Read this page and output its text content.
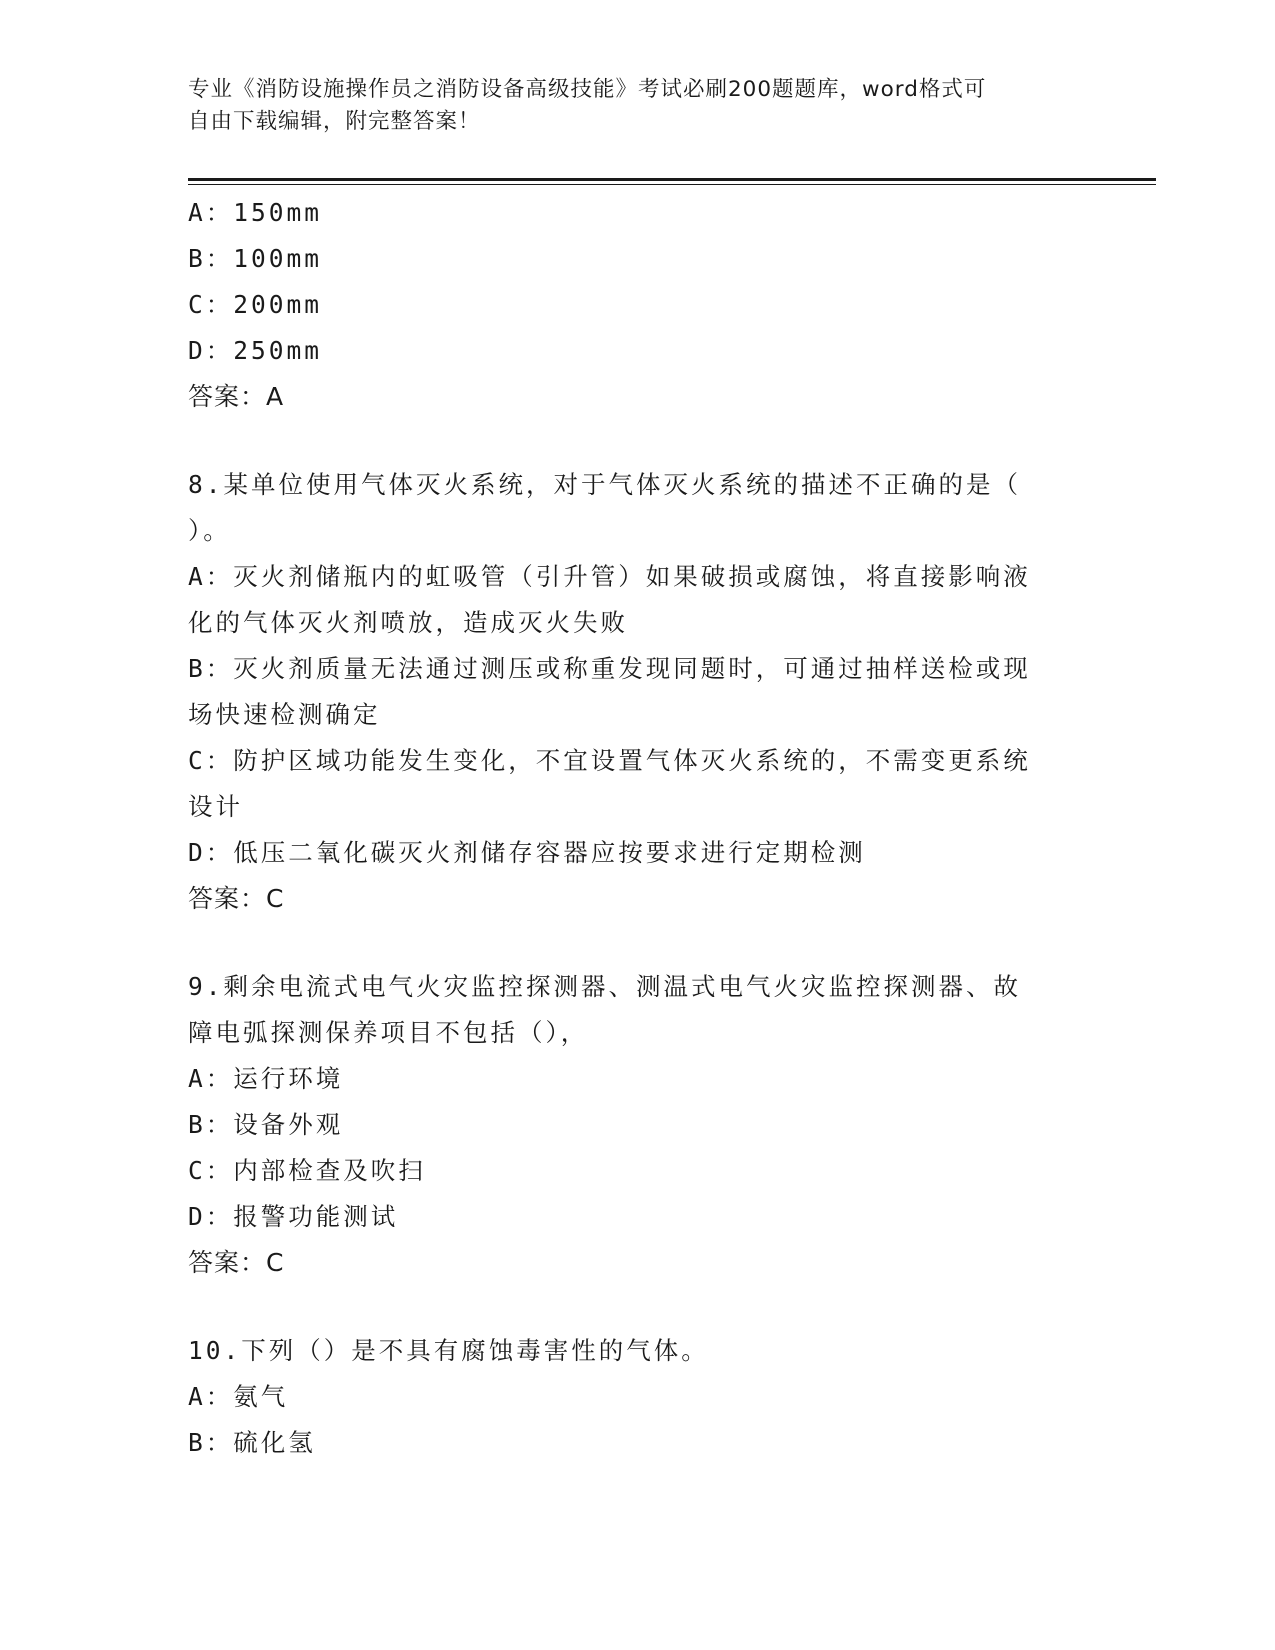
专业《消防设施操作员之消防设备高级技能》考试必刷200题题库，word格式可
自由下载编辑，附完整答案！
A：150mm
B：100mm
C：200mm
D：250mm
答案：A
8.某单位使用气体灭火系统，对于气体灭火系统的描述不正确的是（
）。
A：灭火剂储瓶内的虹吸管（引升管）如果破损或腐蚀，将直接影响液
化的气体灭火剂喷放，造成灭火失败
B：灭火剂质量无法通过测压或称重发现同题时，可通过抽样送检或现
场快速检测确定
C：防护区域功能发生变化，不宜设置气体灭火系统的，不需变更系统
设计
D：低压二氧化碳灭火剂储存容器应按要求进行定期检测
答案：C
9.剩余电流式电气火灾监控探测器、测温式电气火灾监控探测器、故
障电弧探测保养项目不包括（），
A：运行环境
B：设备外观
C：内部检查及吹扫
D：报警功能测试
答案：C
10.下列（）是不具有腐蚀毒害性的气体。
A：氨气
B：硫化氢
